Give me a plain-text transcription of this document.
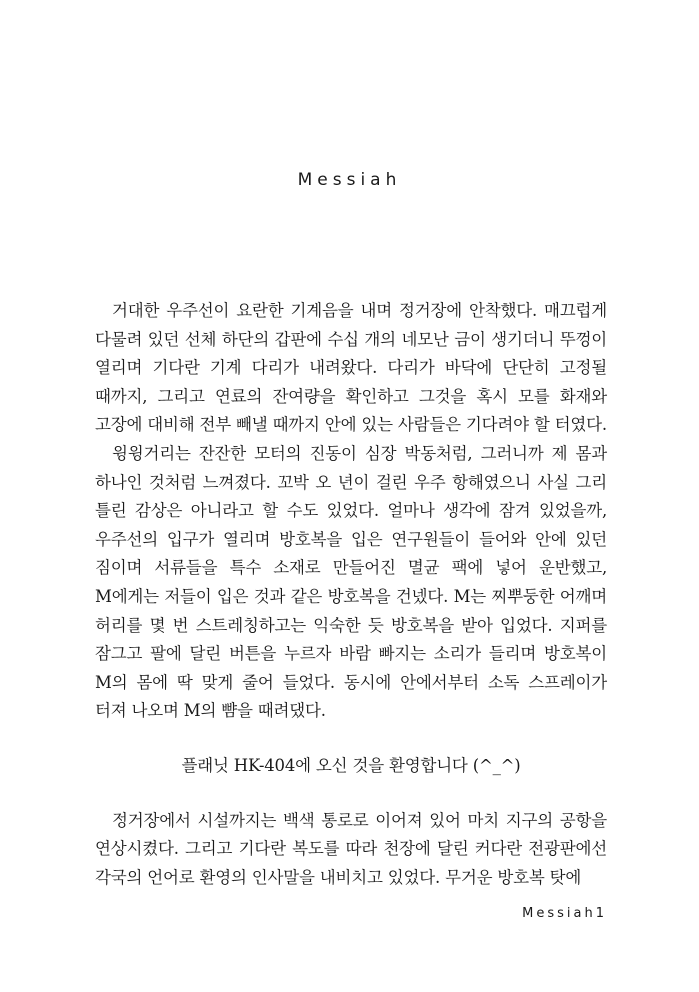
Messiah

거대한 우주선이 요란한 기계음을 내며 정거장에 안착했다. 매끄럽게 다물려 있던 선체 하단의 갑판에 수십 개의 네모난 금이 생기더니 뚜껑이 열리며 기다란 기계 다리가 내려왔다. 다리가 바닥에 단단히 고정될 때까지, 그리고 연료의 잔여량을 확인하고 그것을 혹시 모를 화재와 고장에 대비해 전부 빼낼 때까지 안에 있는 사람들은 기다려야 할 터였다.

윙윙거리는 잔잔한 모터의 진동이 심장 박동처럼, 그러니까 제 몸과 하나인 것처럼 느껴졌다. 꼬박 오 년이 걸린 우주 항해였으니 사실 그리 틀린 감상은 아니라고 할 수도 있었다. 얼마나 생각에 잠겨 있었을까, 우주선의 입구가 열리며 방호복을 입은 연구원들이 들어와 안에 있던 짐이며 서류들을 특수 소재로 만들어진 멸균 팩에 넣어 운반했고, M에게는 저들이 입은 것과 같은 방호복을 건넸다. M는 찌뿌둥한 어깨며 허리를 몇 번 스트레칭하고는 익숙한 듯 방호복을 받아 입었다. 지퍼를 잠그고 팔에 달린 버튼을 누르자 바람 빠지는 소리가 들리며 방호복이 M의 몸에 딱 맞게 줄어 들었다. 동시에 안에서부터 소독 스프레이가 터져 나오며 M의 뺨을 때려댔다.

플래닛 HK-404에 오신 것을 환영합니다 (^_^)

정거장에서 시설까지는 백색 통로로 이어져 있어 마치 지구의 공항을 연상시켰다. 그리고 기다란 복도를 따라 천장에 달린 커다란 전광판에선 각국의 언어로 환영의 인사말을 내비치고 있었다. 무거운 방호복 탓에

Messiah1
